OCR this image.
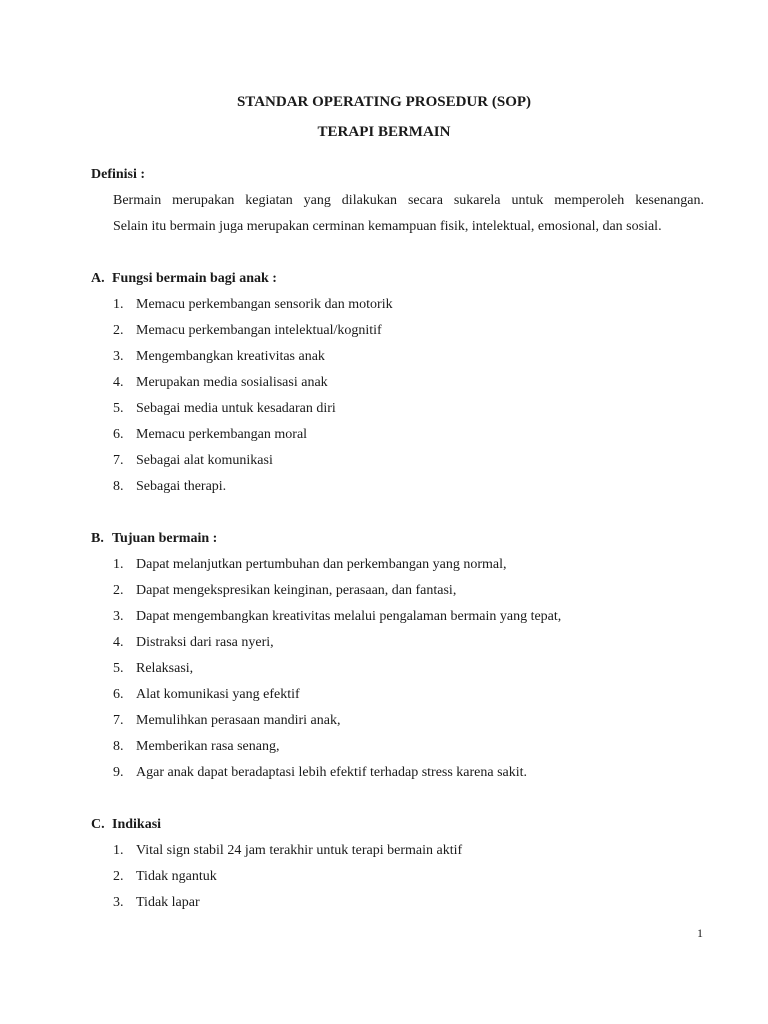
STANDAR OPERATING PROSEDUR (SOP)
TERAPI BERMAIN
Definisi :
Bermain merupakan kegiatan yang dilakukan secara sukarela untuk memperoleh kesenangan.
Selain itu bermain juga merupakan cerminan kemampuan fisik, intelektual, emosional, dan sosial.
A. Fungsi bermain bagi anak :
1. Memacu perkembangan sensorik dan motorik
2. Memacu perkembangan intelektual/kognitif
3. Mengembangkan kreativitas anak
4. Merupakan media sosialisasi anak
5. Sebagai media untuk kesadaran diri
6. Memacu perkembangan moral
7. Sebagai alat komunikasi
8. Sebagai therapi.
B. Tujuan bermain :
1. Dapat melanjutkan pertumbuhan dan perkembangan yang normal,
2. Dapat mengekspresikan keinginan, perasaan, dan fantasi,
3. Dapat mengembangkan kreativitas melalui pengalaman bermain yang tepat,
4. Distraksi dari rasa nyeri,
5. Relaksasi,
6. Alat komunikasi yang efektif
7. Memulihkan perasaan mandiri anak,
8. Memberikan rasa senang,
9. Agar anak dapat beradaptasi lebih efektif terhadap stress karena sakit.
C. Indikasi
1. Vital sign stabil 24 jam terakhir untuk terapi bermain aktif
2. Tidak ngantuk
3. Tidak lapar
1
